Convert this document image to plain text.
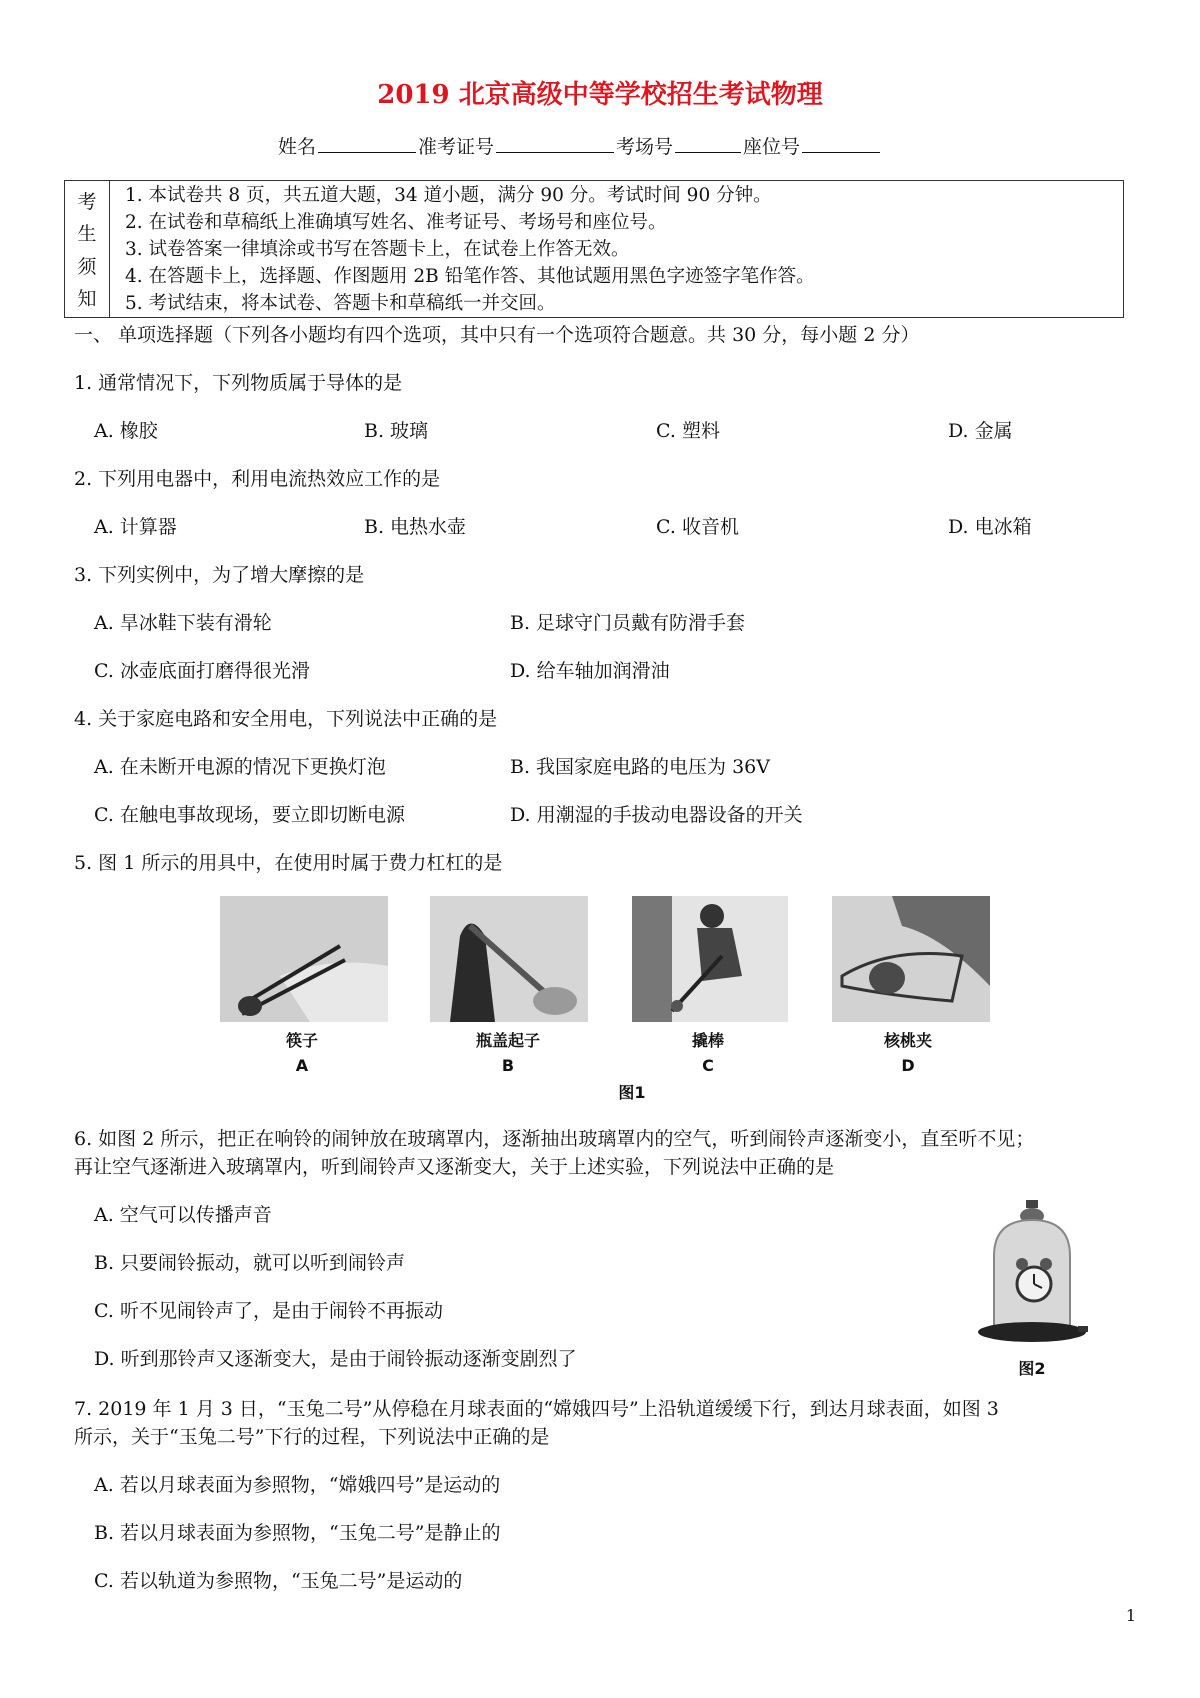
2019 北京高级中等学校招生考试物理
姓名	准考证号	考场号	座位号
考
生
须
知
1. 本试卷共 8 页，共五道大题，34 道小题，满分 90 分。考试时间 90 分钟。
2. 在试卷和草稿纸上准确填写姓名、准考证号、考场号和座位号。
3. 试卷答案一律填涂或书写在答题卡上，在试卷上作答无效。
4. 在答题卡上，选择题、作图题用 2B 铅笔作答、其他试题用黑色字迹签字笔作答。
5. 考试结束，将本试卷、答题卡和草稿纸一并交回。
一、 单项选择题（下列各小题均有四个选项，其中只有一个选项符合题意。共 30 分，每小题 2 分）
1. 通常情况下，下列物质属于导体的是
A. 橡胶	B. 玻璃	C. 塑料	D. 金属
2. 下列用电器中，利用电流热效应工作的是
A. 计算器	B. 电热水壶	C. 收音机	D. 电冰箱
3. 下列实例中，为了增大摩擦的是
A. 旱冰鞋下装有滑轮	B. 足球守门员戴有防滑手套
C. 冰壶底面打磨得很光滑	D. 给车轴加润滑油
4. 关于家庭电路和安全用电，下列说法中正确的是
A. 在未断开电源的情况下更换灯泡	B. 我国家庭电路的电压为 36V
C. 在触电事故现场，要立即切断电源	D. 用潮湿的手拔动电器设备的开关
5. 图 1 所示的用具中，在使用时属于费力杠杠的是
筷子
A
瓶盖起子
B
撬棒
C
核桃夹
D
图1
6. 如图 2 所示，把正在响铃的闹钟放在玻璃罩内，逐渐抽出玻璃罩内的空气，听到闹铃声逐渐变小，直至听不见；
再让空气逐渐进入玻璃罩内，听到闹铃声又逐渐变大，关于上述实验，下列说法中正确的是
A. 空气可以传播声音
B. 只要闹铃振动，就可以听到闹铃声
C. 听不见闹铃声了，是由于闹铃不再振动
D. 听到那铃声又逐渐变大，是由于闹铃振动逐渐变剧烈了	图2
7. 2019 年 1 月 3 日，“玉兔二号”从停稳在月球表面的“嫦娥四号”上沿轨道缓缓下行，到达月球表面，如图 3
所示，关于“玉兔二号”下行的过程，下列说法中正确的是
A. 若以月球表面为参照物，“嫦娥四号”是运动的
B. 若以月球表面为参照物，“玉兔二号”是静止的
C. 若以轨道为参照物，“玉兔二号”是运动的
1
